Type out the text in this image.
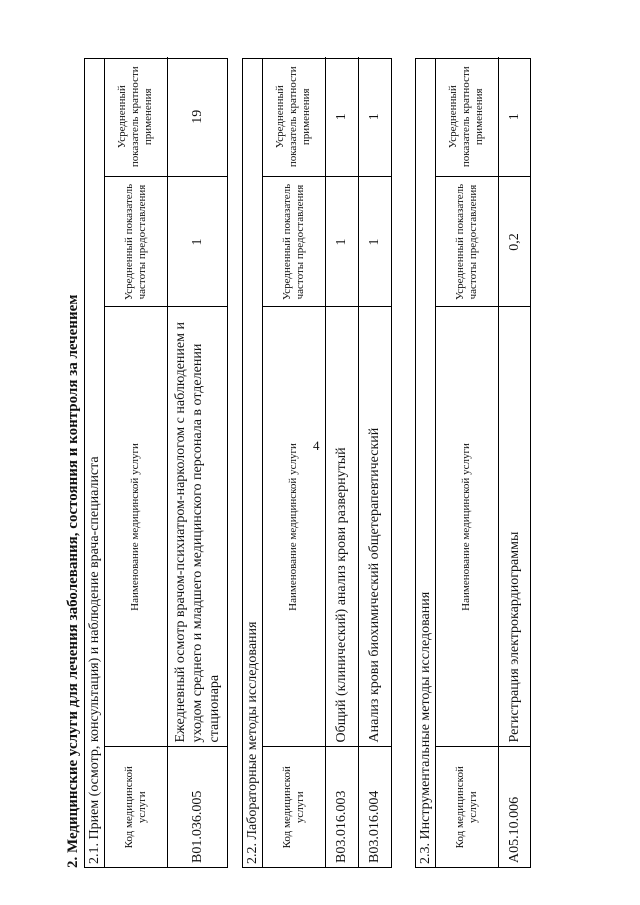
4
2. Медицинские услуги для лечения заболевания, состояния и контроля за лечением 2.1. Прием (осмотр, консультация) и наблюдение врача-специалиста Код медицинской услуги	Наименование медицинской услуги	Усредненный показатель частоты предоставления	Усредненный показатель кратности применения
B01.036.005	Ежедневный осмотр врачом-психиатром-наркологом с наблюдением и уходом среднего и младшего медицинского персонала в отделении стационара	1	19
2.2. Лабораторные методы исследования Код медицинской услуги	Наименование медицинской услуги	Усредненный показатель частоты предоставления	Усредненный показатель кратности применения
B03.016.003	Общий (клинический) анализ крови развернутый	1	1
B03.016.004	Анализ крови биохимический общетерапевтический	1	1
2.3. Инструментальные методы исследования Код медицинской услуги	Наименование медицинской услуги	Усредненный показатель частоты предоставления	Усредненный показатель кратности применения
A05.10.006	Регистрация электрокардиограммы	0,2	1
